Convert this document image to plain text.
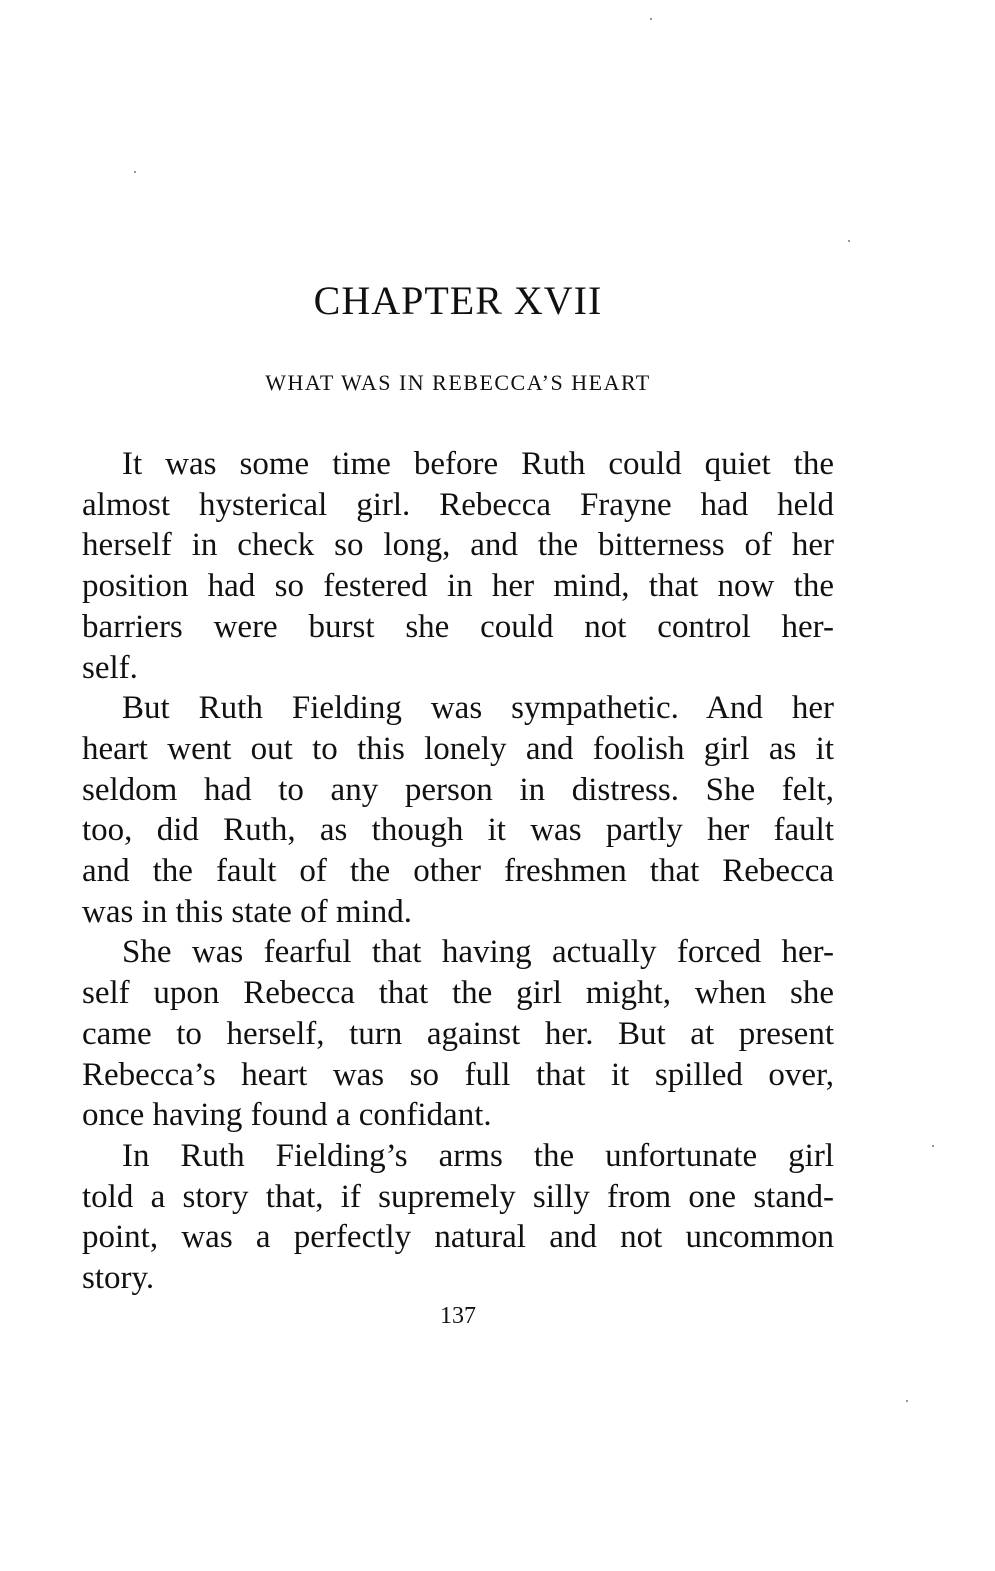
CHAPTER XVII
WHAT WAS IN REBECCA’S HEART

It was some time before Ruth could quiet the
almost hysterical girl. Rebecca Frayne had held
herself in check so long, and the bitterness of her
position had so festered in her mind, that now the
barriers were burst she could not control her-
self.

But Ruth Fielding was sympathetic. And her
heart went out to this lonely and foolish girl as it
seldom had to any person in distress. She felt,
too, did Ruth, as though it was partly her fault
and the fault of the other freshmen that Rebecca
was in this state of mind.

She was fearful that having actually forced her-
self upon Rebecca that the girl might, when she
came to herself, turn against her. But at present
Rebecca’s heart was so full that it spilled over,
once having found a confidant.

In Ruth Fielding’s arms the unfortunate girl
told a story that, if supremely silly from one stand-
point, was a perfectly natural and not uncommon
story.

137
